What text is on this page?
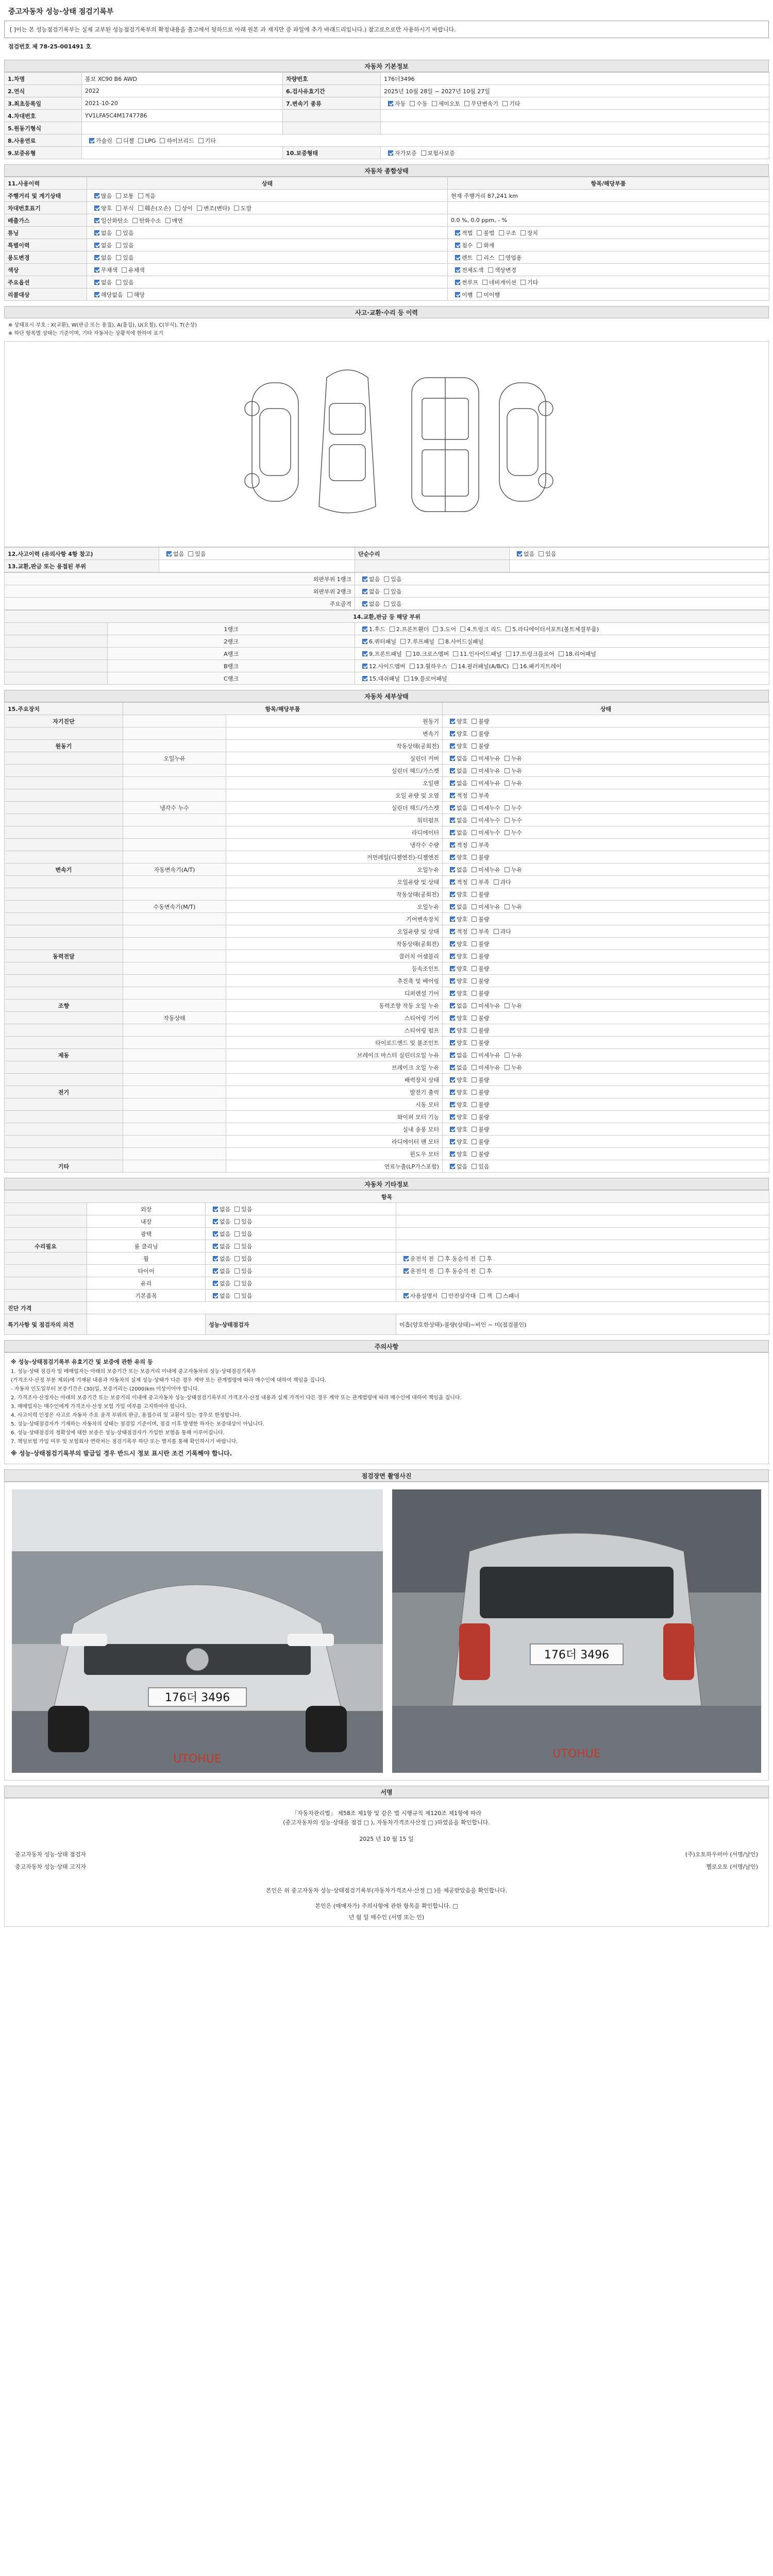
중고자동차 성능·상태 점검기록부
[ ]이는 본 성능점검기록부는 실제 교부된 성능점검기록부의 확정내용을 출고에서 뒷하므로 아래 원본 과 재지만 증 파일에 추가 바래드리입니다.) 참고로으로만 사용하시기 바랍니다.
점검번호 제 78-25-001491 호
자동차 기본정보
1.차명	볼보 XC90 B6 AWD	차량번호	176더3496
2.연식	2022	6.검사유효기간	2025년 10월 28일 ~ 2027년 10월 27일
3.최초등록일	2021-10-20	7.변속기 종류	자동 수동 세미오토 무단변속기 기타
4.차대번호	YV1LFA5C4M1747786		
5.원동기형식			
8.사용연료	가솔린 디젤 LPG 하이브리드 기타		
9.보증유형		10.보증형태	자가보증 보험사보증
자동차 종합상태
11.사용이력	상태	항목/해당부품
주행거리 및 계기상태	많음 보통 적음	현재 주행거리 87,241 km
차대번호표기	양호 부식 훼손(오손) 상이 변조(변타) 도말	
배출가스	일산화탄소 탄화수소 매연	0.0 %, 0.0 ppm, - %
튜닝	없음 있음	적법 불법 구조 장치
특별이력	없음 있음	침수 화재
용도변경	없음 있음	렌트 리스 영업용
색상	무채색 유채색	전체도색 색상변경
주요옵션	없음 있음	썬루프 네비게이션 기타
리콜대상	해당없음 해당	이행 미이행
사고·교환·수리 등 이력
※ 상태표시 부호 : X(교환), W(판금 또는 용접), A(흠집), U(요철), C(부식), T(손상)
※ 하단 항목별 상태는 기준이며, 기타 자동차는 상황적에 한하여 표기
12.사고이력 (유의사항 4항 참고)	없음 있음	단순수리	없음 있음
13.교환,판금 또는 용접된 부위			
외판부위 1랭크	없음 있음
외판부위 2랭크	없음 있음
주요골격	없음 있음
14.교환,판금 등 해당 부위		
	1랭크	1.후드 2.프론트휀더 3.도어 4.트렁크 리드 5.라디에이터서포트(볼트체결부품)
	2랭크	6.쿼터패널 7.루프패널 8.사이드실패널
	A랭크	9.프론트패널 10.크로스멤버 11.인사이드패널 17.트렁크플로어 18.리어패널
	B랭크	12.사이드멤버 13.휠하우스 14.필러패널(A/B/C) 16.패키지트레이
	C랭크	15.대쉬패널 19.플로어패널
자동차 세부상태
15.주요장치	항목/해당부품		상태
자기진단		원동기	양호 불량
		변속기	양호 불량
원동기		작동상태(공회전)	양호 불량
	오일누유	실린더 커버	없음 미세누유 누유
		실린더 헤드/가스켓	없음 미세누유 누유
		오일팬	없음 미세누유 누유
		오일 유량 및 오염	적정 부족
	냉각수 누수	실린더 헤드/가스켓	없음 미세누수 누수
		워터펌프	없음 미세누수 누수
		라디에이터	없음 미세누수 누수
		냉각수 수량	적정 부족
		커먼레일(디젤엔진)-디젤엔진	양호 불량
변속기	자동변속기(A/T)	오일누유	없음 미세누유 누유
		오일유량 및 상태	적정 부족 과다
		작동상태(공회전)	양호 불량
	수동변속기(M/T)	오일누유	없음 미세누유 누유
		기어변속장치	양호 불량
		오일유량 및 상태	적정 부족 과다
		작동상태(공회전)	양호 불량
동력전달		클러치 어셈블리	양호 불량
		등속조인트	양호 불량
		추진축 및 베어링	양호 불량
		디퍼렌셜 기어	양호 불량
조향		동력조향 작동 오일 누유	없음 미세누유 누유
	작동상태	스티어링 기어	양호 불량
		스티어링 펌프	양호 불량
		타이로드엔드 및 볼조인트	양호 불량
제동		브레이크 마스터 실린더오일 누유	없음 미세누유 누유
		브레이크 오일 누유	없음 미세누유 누유
		배력장치 상태	양호 불량
전기		발전기 출력	양호 불량
		시동 모터	양호 불량
		와이퍼 모터 기능	양호 불량
		실내 송풍 모터	양호 불량
		라디에이터 팬 모터	양호 불량
		윈도우 모터	양호 불량
기타		연료누출(LP가스포함)	없음 있음
자동차 기타정보
항목			
	외장	없음 있음	
	내장	없음 있음	
	광택	없음 있음	
수리필요	룸 클리닝	없음 있음	
	휠	없음 있음	운전석 전 후 동승석 전 후
	타이어	없음 있음	운전석 전 후 동승석 전 후
	유리	없음 있음	
	기본품목	없음 있음	사용설명서 안전삼각대 잭 스패너
진단 가격			
특기사항 및 점검자의 의견		성능·상태점검자	미흡(양호한상태)-불량(상태)~비인 ~ 미(점검불인)
주의사항
※ 성능·상태점검기록부 유효기간 및 보증에 관한 유의 등

1. 성능·상태 점검자 및 매매업자는 아래의 보증기간 또는 보증거리 이내에 중고자동차의 성능·상태점검기록부

(가격조사·산정 부분 제외)에 기재된 내용과 자동차의 실제 성능·상태가 다른 경우 계약 또는 관계법령에 따라 매수인에 대하여 책임을 집니다.

- 자동차 인도일부터 보증기간은 (30)일, 보증거리는 (2000)km 이상이어야 합니다.

2. 가격조사·산정자는 아래의 보증기간 또는 보증거리 이내에 중고자동차 성능·상태점검기록부의 가격조사·산정 내용과 실제 가격이 다른 경우 계약 또는 관계법령에 따라 매수인에 대하여 책임을 집니다.

3. 매매업자는 매수인에게 가격조사·산정 보험 가입 여부를 고지하여야 합니다.

4. 사고이력 인정은 사고로 자동차 주요 골격 부위의 판금, 용접수리 및 교환이 있는 경우로 한정합니다.

5. 성능·상태점검자가 기재하는 자동차의 상태는 점검일 기준이며, 점검 이후 발생한 하자는 보증대상이 아닙니다.

6. 성능·상태점검의 정확성에 대한 보증은 성능·상태점검자가 가입한 보험을 통해 이루어집니다.

7. 책임보험 가입 여부 및 보험회사 연락처는 점검기록부 하단 또는 별지를 통해 확인하시기 바랍니다.

※ 성능·상태점검기록부의 발급일 경우 반드시 정보 표시란 조건 기록해야 합니다.
점검장면 촬영사진
176더 3496
UTOHUE
176더 3496
UTOHUE
서명
「자동차관리법」 제58조 제1항 및 같은 법 시행규칙 제120조 제1항에 따라
(중고자동차의 성능·상태를 점검 □ ), 자동차가격조사산정 □ )하였음을 확인합니다.
2025 년 10 월 15 일
중고자동차 성능·상태 점검자	(주)오토하우미아 (서명/날인)
중고자동차 성능·상태 고지자	헬로오토 (서명/날인)
본인은 위 중고자동차 성능·상태점검기록부(자동차가격조사·산정 □ )를 제공받았음을 확인합니다.
본인은 (매매자가) 주의사항에 관한 항목을 확인합니다. □
년 월 일 매수인 (서명 또는 인)
